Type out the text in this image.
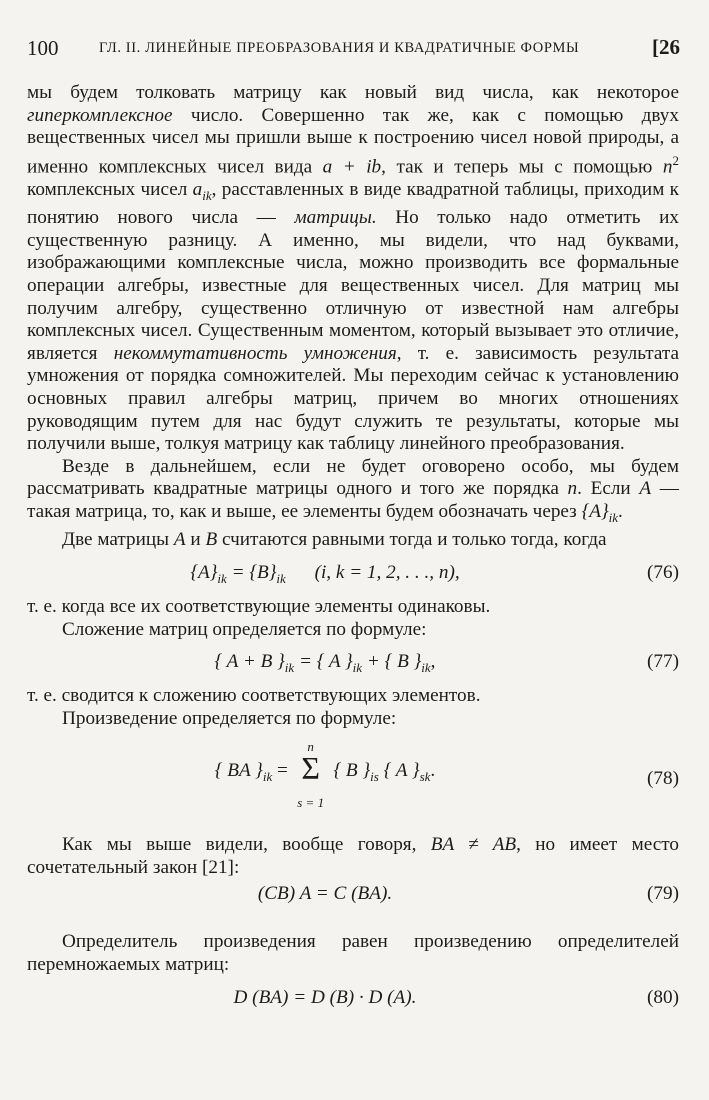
100	ГЛ. II. ЛИНЕЙНЫЕ ПРЕОБРАЗОВАНИЯ И КВАДРАТИЧНЫЕ ФОРМЫ	[26

мы будем толковать матрицу как новый вид числа, как некоторое гиперкомплексное число. Совершенно так же, как с помощью двух вещественных чисел мы пришли выше к построению чисел новой природы, а именно комплексных чисел вида a + ib, так и теперь мы с помощью $n^2$ комплексных чисел $a_{ik}$, расставленных в виде квадратной таблицы, приходим к понятию нового числа — матрицы. Но только надо отметить их существенную разницу. А именно, мы видели, что над буквами, изображающими комплексные числа, можно производить все формальные операции алгебры, известные для вещественных чисел. Для матриц мы получим алгебру, существенно отличную от известной нам алгебры комплексных чисел. Существенным моментом, который вызывает это отличие, является некоммутативность умножения, т. е. зависимость результата умножения от порядка сомножителей. Мы переходим сейчас к установлению основных правил алгебры матриц, причем во многих отношениях руководящим путем для нас будут служить те результаты, которые мы получили выше, толкуя матрицу как таблицу линейного преобразования.

Везде в дальнейшем, если не будет оговорено особо, мы будем рассматривать квадратные матрицы одного и того же порядка n. Если A — такая матрица, то, как и выше, ее элементы будем обозначать через $\{A\}_{ik}$.

Две матрицы A и B считаются равными тогда и только тогда, когда

$\{A\}_{ik} = \{B\}_{ik}$ (i, k = 1, 2, . . ., n),	(76)

т. е. когда все их соответствующие элементы одинаковы.

Сложение матриц определяется по формуле:

{ A + B }$_{ik}$ = { A }$_{ik}$ + { B }$_{ik}$,	(77)

т. е. сводится к сложению соответствующих элементов.

Произведение определяется по формуле:

{ BA }$_{ik}$ =
n
Σ
s = 1
{ B }$_{is}$ { A }$_{sk}$.	(78)

Как мы выше видели, вообще говоря, BA ≠ AB, но имеет место сочетательный закон [21]:

(CB) A = C (BA).	(79)

Определитель произведения равен произведению определителей перемножаемых матриц:

D (BA) = D (B) · D (A).	(80)
